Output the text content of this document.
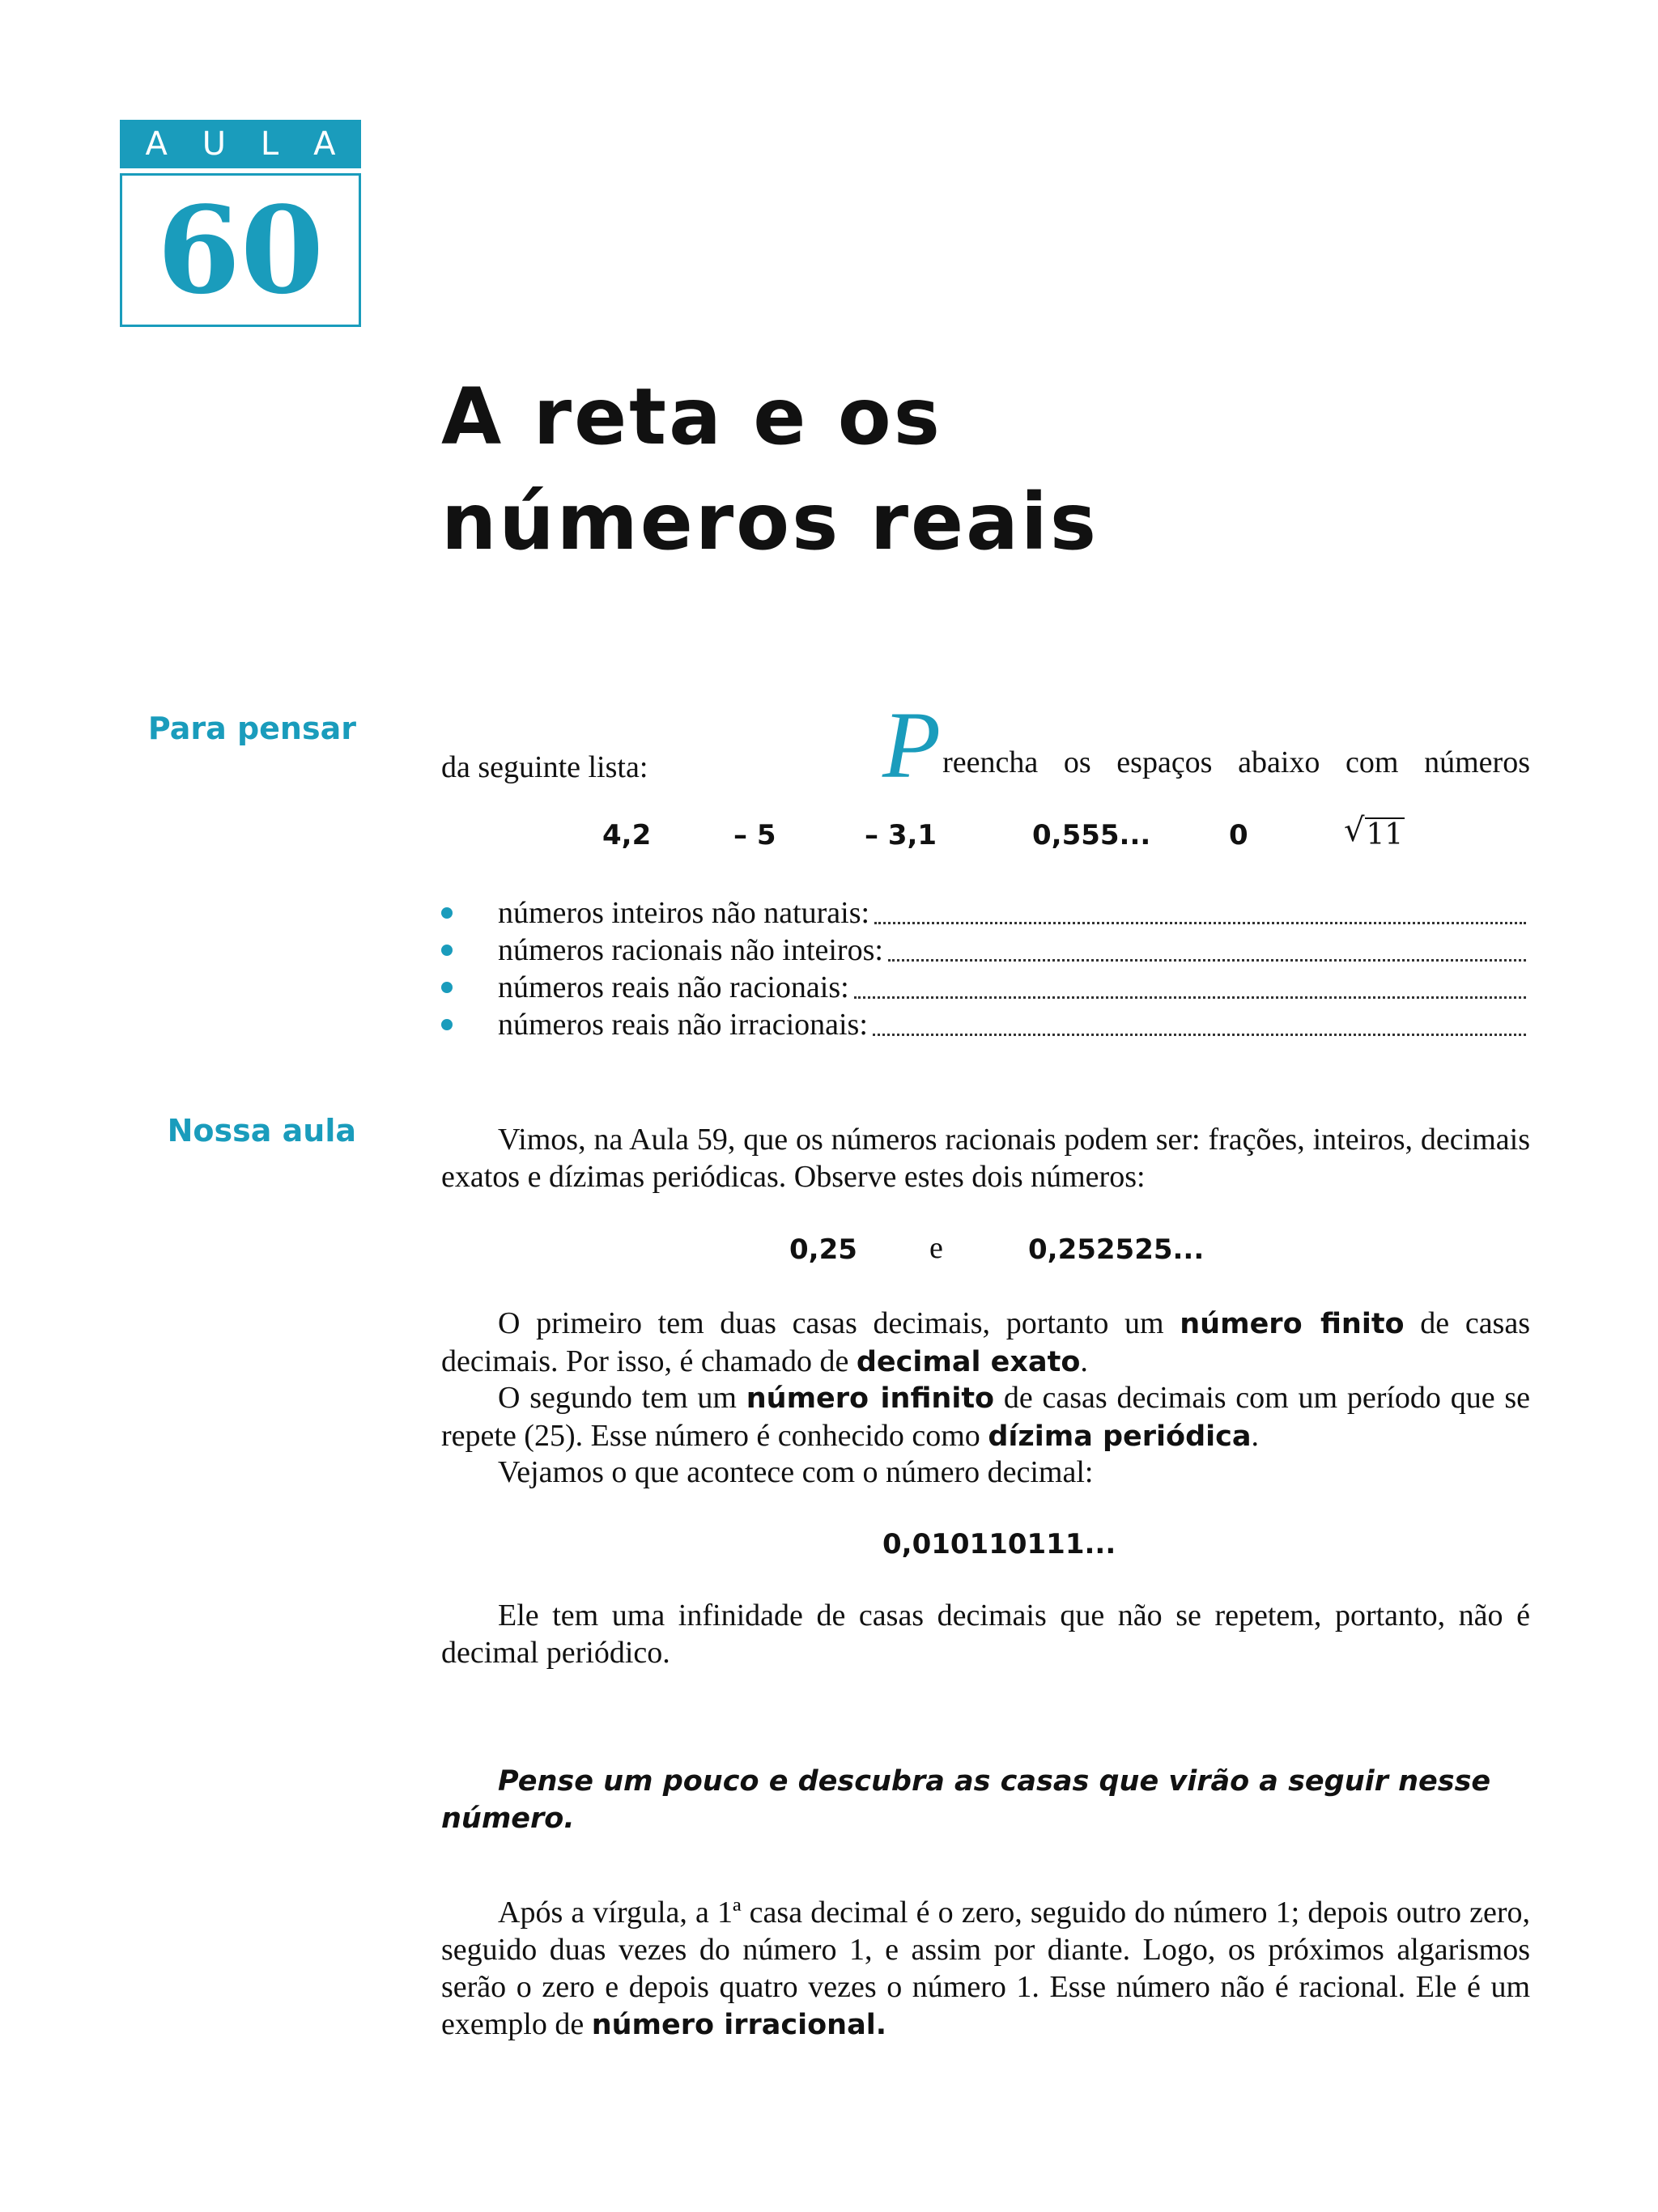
A U L A
60
A reta e os
números reais
Para pensar	Preencha os espaços abaixo com números
da seguinte lista:
4,2	– 5	– 3,1	0,555...	0	√ 11
números inteiros não naturais:
números racionais não inteiros:
números reais não racionais:
números reais não irracionais:
Nossa aula	Vimos, na Aula 59, que os números racionais podem ser: frações, inteiros, decimais exatos e dízimas periódicas. Observe estes dois números:

0,25 e	0,252525...

O primeiro tem duas casas decimais, portanto um número finito de casas decimais. Por isso, é chamado de decimal exato.

O segundo tem um número infinito de casas decimais com um período que se repete (25). Esse número é conhecido como dízima periódica.

Vejamos o que acontece com o número decimal:

0,010110111...

Ele tem uma infinidade de casas decimais que não se repetem, portanto, não é decimal periódico.

Pense um pouco e descubra as casas que virão a seguir nesse número.

Após a vírgula, a 1ª casa decimal é o zero, seguido do número 1; depois outro zero, seguido duas vezes do número 1, e assim por diante. Logo, os próximos algarismos serão o zero e depois quatro vezes o número 1. Esse número não é racional. Ele é um exemplo de número irracional.
